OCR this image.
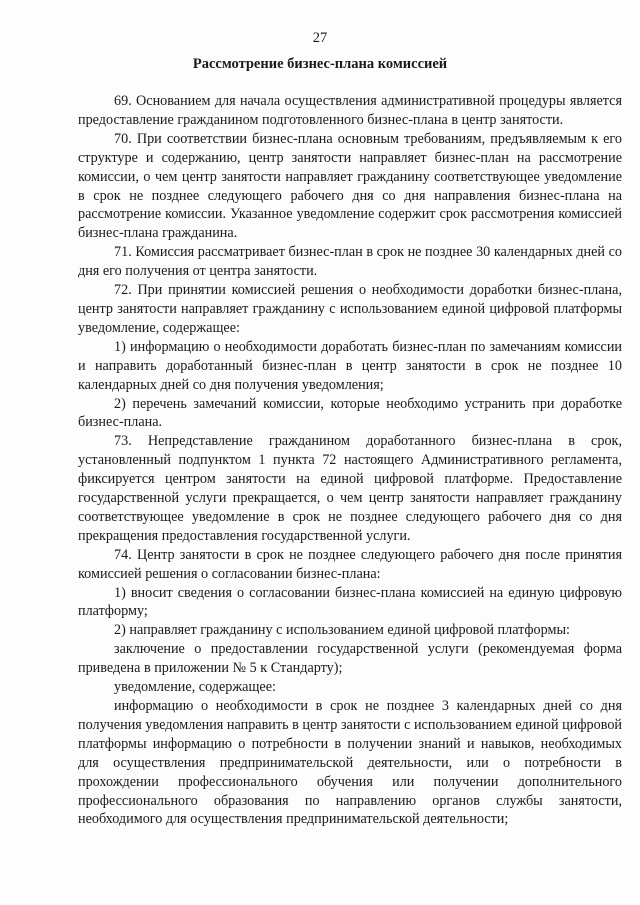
27
Рассмотрение бизнес-плана комиссией

69. Основанием для начала осуществления административной процедуры является предоставление гражданином подготовленного бизнес-плана в центр занятости.

70. При соответствии бизнес-плана основным требованиям, предъявляемым к его структуре и содержанию, центр занятости направляет бизнес-план на рассмотрение комиссии, о чем центр занятости направляет гражданину соответствующее уведомление в срок не позднее следующего рабочего дня со дня направления бизнес-плана на рассмотрение комиссии. Указанное уведомление содержит срок рассмотрения комиссией бизнес-плана гражданина.

71. Комиссия рассматривает бизнес-план в срок не позднее 30 календарных дней со дня его получения от центра занятости.

72. При принятии комиссией решения о необходимости доработки бизнес-плана, центр занятости направляет гражданину с использованием единой цифровой платформы уведомление, содержащее:

1) информацию о необходимости доработать бизнес-план по замечаниям комиссии и направить доработанный бизнес-план в центр занятости в срок не позднее 10 календарных дней со дня получения уведомления;

2) перечень замечаний комиссии, которые необходимо устранить при доработке бизнес-плана.

73. Непредставление гражданином доработанного бизнес-плана в срок, установленный подпунктом 1 пункта 72 настоящего Административного регламента, фиксируется центром занятости на единой цифровой платформе. Предоставление государственной услуги прекращается, о чем центр занятости направляет гражданину соответствующее уведомление в срок не позднее следующего рабочего дня со дня прекращения предоставления государственной услуги.

74. Центр занятости в срок не позднее следующего рабочего дня после принятия комиссией решения о согласовании бизнес-плана:

1) вносит сведения о согласовании бизнес-плана комиссией на единую цифровую платформу;

2) направляет гражданину с использованием единой цифровой платформы:

заключение о предоставлении государственной услуги (рекомендуемая форма приведена в приложении № 5 к Стандарту);

уведомление, содержащее:

информацию о необходимости в срок не позднее 3 календарных дней со дня получения уведомления направить в центр занятости с использованием единой цифровой платформы информацию о потребности в получении знаний и навыков, необходимых для осуществления предпринимательской деятельности, или о потребности в прохождении профессионального обучения или получении дополнительного профессионального образования по направлению органов службы занятости, необходимого для осуществления предпринимательской деятельности;
